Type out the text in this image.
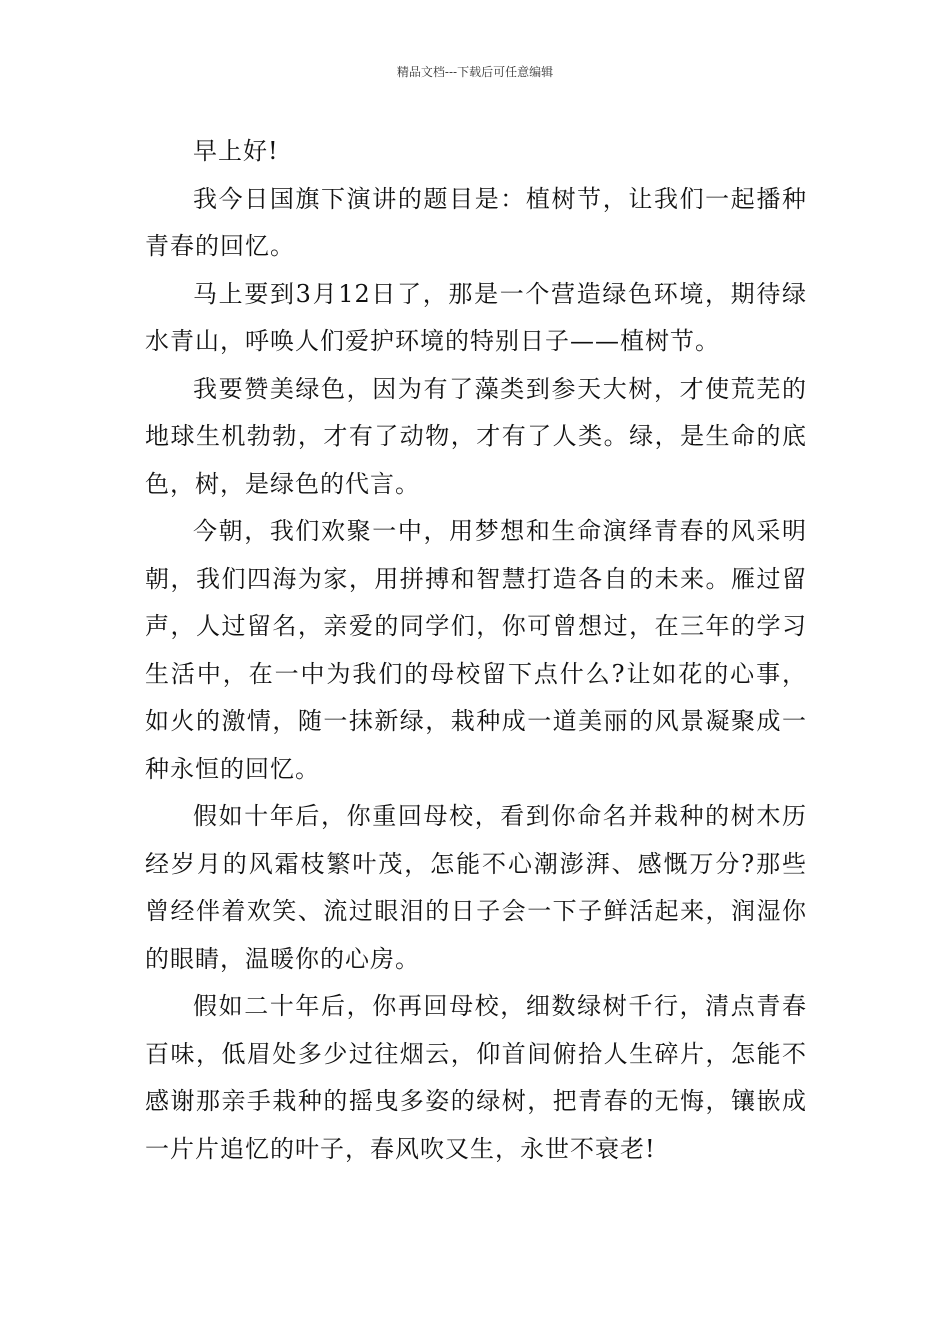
精品文档---下载后可任意编辑

早上好!

我今日国旗下演讲的题目是：植树节，让我们一起播种青春的回忆。

马上要到3月12日了，那是一个营造绿色环境，期待绿水青山，呼唤人们爱护环境的特别日子——植树节。

我要赞美绿色，因为有了藻类到参天大树，才使荒芜的地球生机勃勃，才有了动物，才有了人类。绿，是生命的底色，树，是绿色的代言。

今朝，我们欢聚一中，用梦想和生命演绎青春的风采明朝，我们四海为家，用拼搏和智慧打造各自的未来。雁过留声，人过留名，亲爱的同学们，你可曾想过，在三年的学习生活中，在一中为我们的母校留下点什么?让如花的心事，如火的激情，随一抹新绿，栽种成一道美丽的风景凝聚成一种永恒的回忆。

假如十年后，你重回母校，看到你命名并栽种的树木历经岁月的风霜枝繁叶茂，怎能不心潮澎湃、感慨万分?那些曾经伴着欢笑、流过眼泪的日子会一下子鲜活起来，润湿你的眼睛，温暖你的心房。

假如二十年后，你再回母校，细数绿树千行，清点青春百味，低眉处多少过往烟云，仰首间俯拾人生碎片，怎能不感谢那亲手栽种的摇曳多姿的绿树，把青春的无悔，镶嵌成一片片追忆的叶子，春风吹又生，永世不衰老!
